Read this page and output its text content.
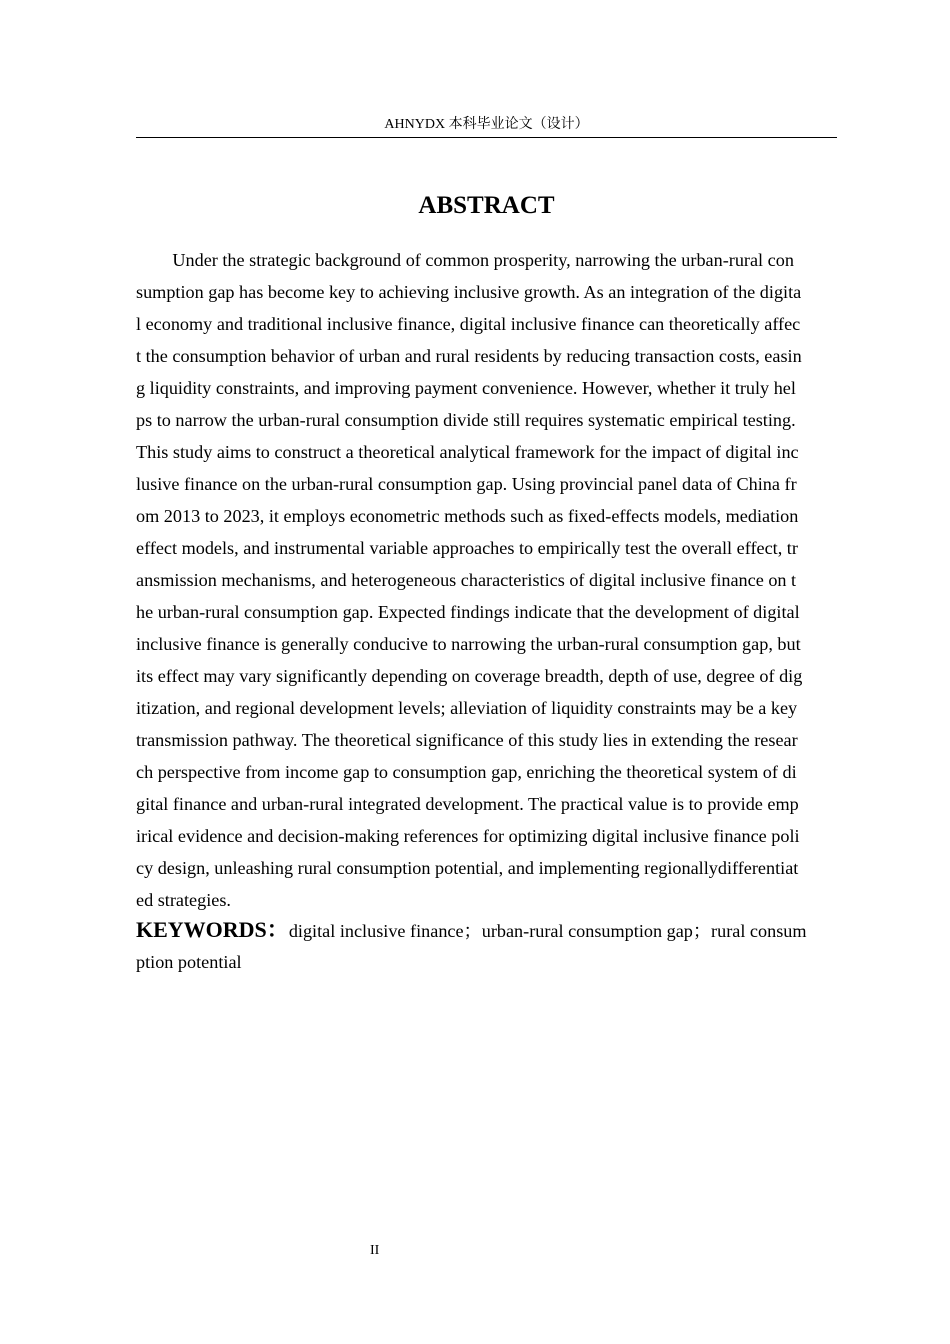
AHNYDX 本科毕业论文（设计）
ABSTRACT
Under the strategic background of common prosperity, narrowing the urban-rural con
sumption gap has become key to achieving inclusive growth. As an integration of the digita
l economy and traditional inclusive finance, digital inclusive finance can theoretically affec
t the consumption behavior of urban and rural residents by reducing transaction costs, easin
g liquidity constraints, and improving payment convenience. However, whether it truly hel
ps to narrow the urban-rural consumption divide still requires systematic empirical testing.
This study aims to construct a theoretical analytical framework for the impact of digital inc
lusive finance on the urban-rural consumption gap. Using provincial panel data of China fr
om 2013 to 2023, it employs econometric methods such as fixed-effects models, mediation
effect models, and instrumental variable approaches to empirically test the overall effect, tr
ansmission mechanisms, and heterogeneous characteristics of digital inclusive finance on t
he urban-rural consumption gap. Expected findings indicate that the development of digital
inclusive finance is generally conducive to narrowing the urban-rural consumption gap, but
its effect may vary significantly depending on coverage breadth, depth of use, degree of dig
itization, and regional development levels; alleviation of liquidity constraints may be a key
transmission pathway. The theoretical significance of this study lies in extending the resear
ch perspective from income gap to consumption gap, enriching the theoretical system of di
gital finance and urban-rural integrated development. The practical value is to provide emp
irical evidence and decision-making references for optimizing digital inclusive finance poli
cy design, unleashing rural consumption potential, and implementing regionallydifferentiat
ed strategies.
KEYWORDS：digital inclusive finance；urban-rural consumption gap；rural consum
ption potential
II
